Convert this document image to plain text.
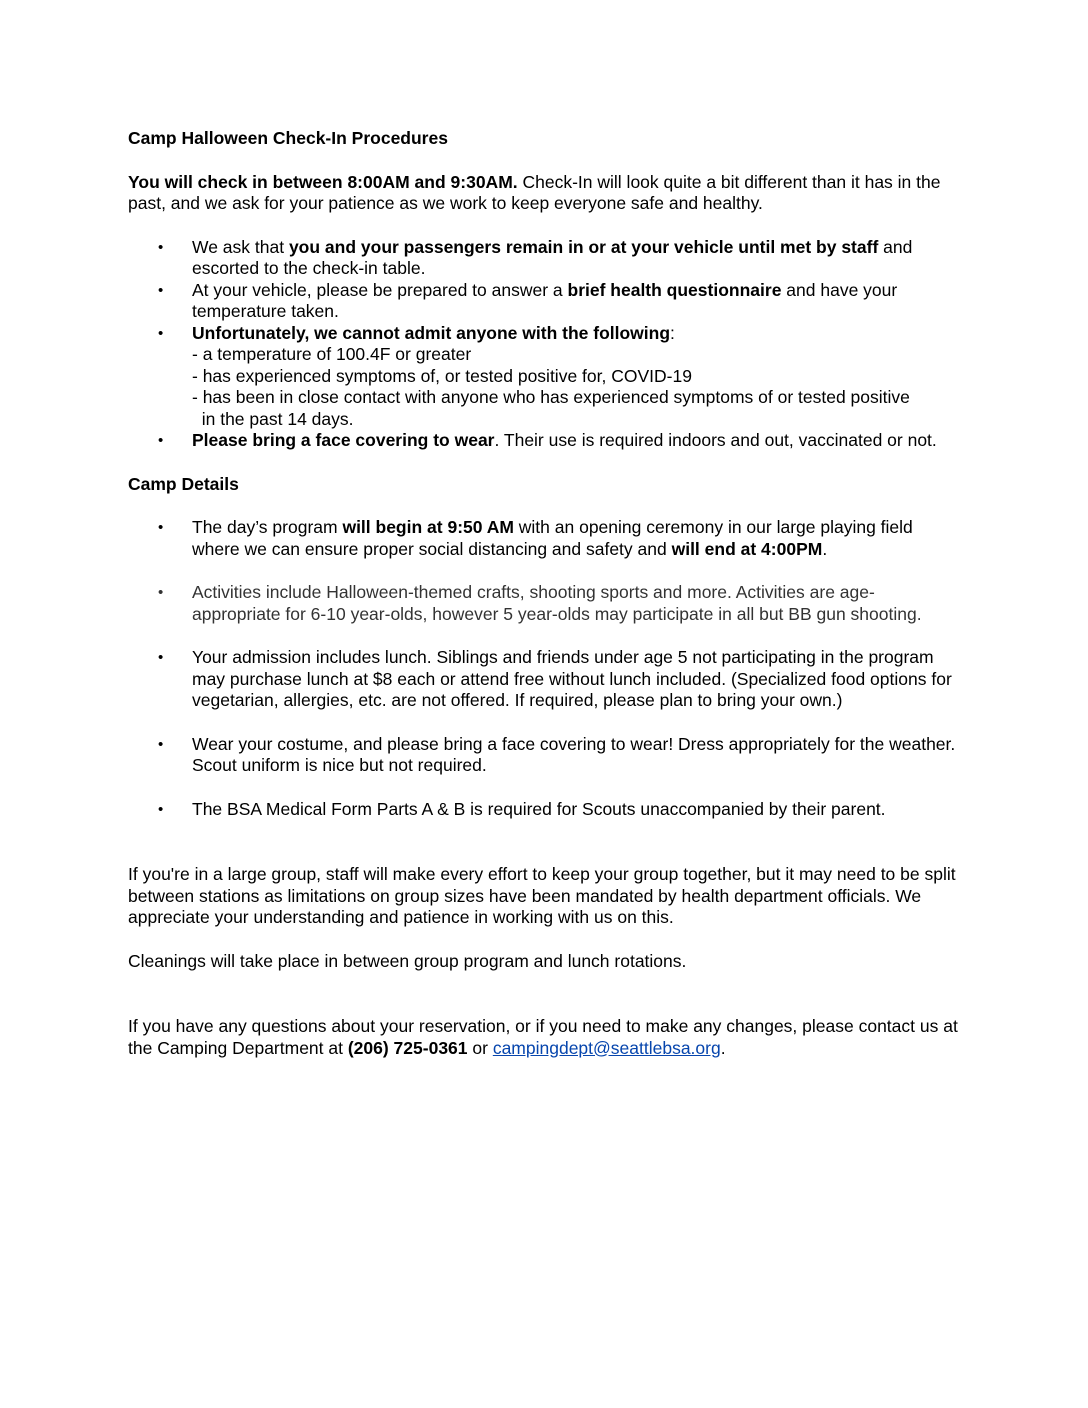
Camp Halloween Check-In Procedures

You will check in between 8:00AM and 9:30AM. Check-In will look quite a bit different than it has in the past, and we ask for your patience as we work to keep everyone safe and healthy.

• We ask that you and your passengers remain in or at your vehicle until met by staff and escorted to the check-in table.
• At your vehicle, please be prepared to answer a brief health questionnaire and have your temperature taken.
• Unfortunately, we cannot admit anyone with the following:
- a temperature of 100.4F or greater
- has experienced symptoms of, or tested positive for, COVID-19
- has been in close contact with anyone who has experienced symptoms of or tested positive
in the past 14 days.
• Please bring a face covering to wear. Their use is required indoors and out, vaccinated or not.
Camp Details
• The day’s program will begin at 9:50 AM with an opening ceremony in our large playing field where we can ensure proper social distancing and safety and will end at 4:00PM.
• Activities include Halloween-themed crafts, shooting sports and more. Activities are age-appropriate for 6-10 year-olds, however 5 year-olds may participate in all but BB gun shooting.
• Your admission includes lunch. Siblings and friends under age 5 not participating in the program may purchase lunch at $8 each or attend free without lunch included. (Specialized food options for vegetarian, allergies, etc. are not offered. If required, please plan to bring your own.)
• Wear your costume, and please bring a face covering to wear! Dress appropriately for the weather. Scout uniform is nice but not required.
• The BSA Medical Form Parts A & B is required for Scouts unaccompanied by their parent.

If you're in a large group, staff will make every effort to keep your group together, but it may need to be split between stations as limitations on group sizes have been mandated by health department officials. We appreciate your understanding and patience in working with us on this.

Cleanings will take place in between group program and lunch rotations.

If you have any questions about your reservation, or if you need to make any changes, please contact us at the Camping Department at (206) 725-0361 or campingdept@seattlebsa.org.
